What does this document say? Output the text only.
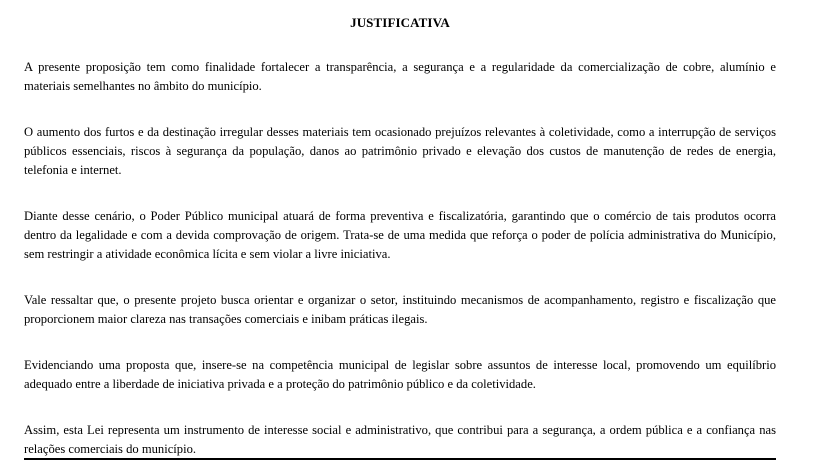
JUSTIFICATIVA

A presente proposição tem como finalidade fortalecer a transparência, a segurança e a regularidade da comercialização de cobre, alumínio e materiais semelhantes no âmbito do município.

O aumento dos furtos e da destinação irregular desses materiais tem ocasionado prejuízos relevantes à coletividade, como a interrupção de serviços públicos essenciais, riscos à segurança da população, danos ao patrimônio privado e elevação dos custos de manutenção de redes de energia, telefonia e internet.

Diante desse cenário, o Poder Público municipal atuará de forma preventiva e fiscalizatória, garantindo que o comércio de tais produtos ocorra dentro da legalidade e com a devida comprovação de origem. Trata-se de uma medida que reforça o poder de polícia administrativa do Município, sem restringir a atividade econômica lícita e sem violar a livre iniciativa.

Vale ressaltar que, o presente projeto busca orientar e organizar o setor, instituindo mecanismos de acompanhamento, registro e fiscalização que proporcionem maior clareza nas transações comerciais e inibam práticas ilegais.

Evidenciando uma proposta que, insere-se na competência municipal de legislar sobre assuntos de interesse local, promovendo um equilíbrio adequado entre a liberdade de iniciativa privada e a proteção do patrimônio público e da coletividade.

Assim, esta Lei representa um instrumento de interesse social e administrativo, que contribui para a segurança, a ordem pública e a confiança nas relações comerciais do município.
